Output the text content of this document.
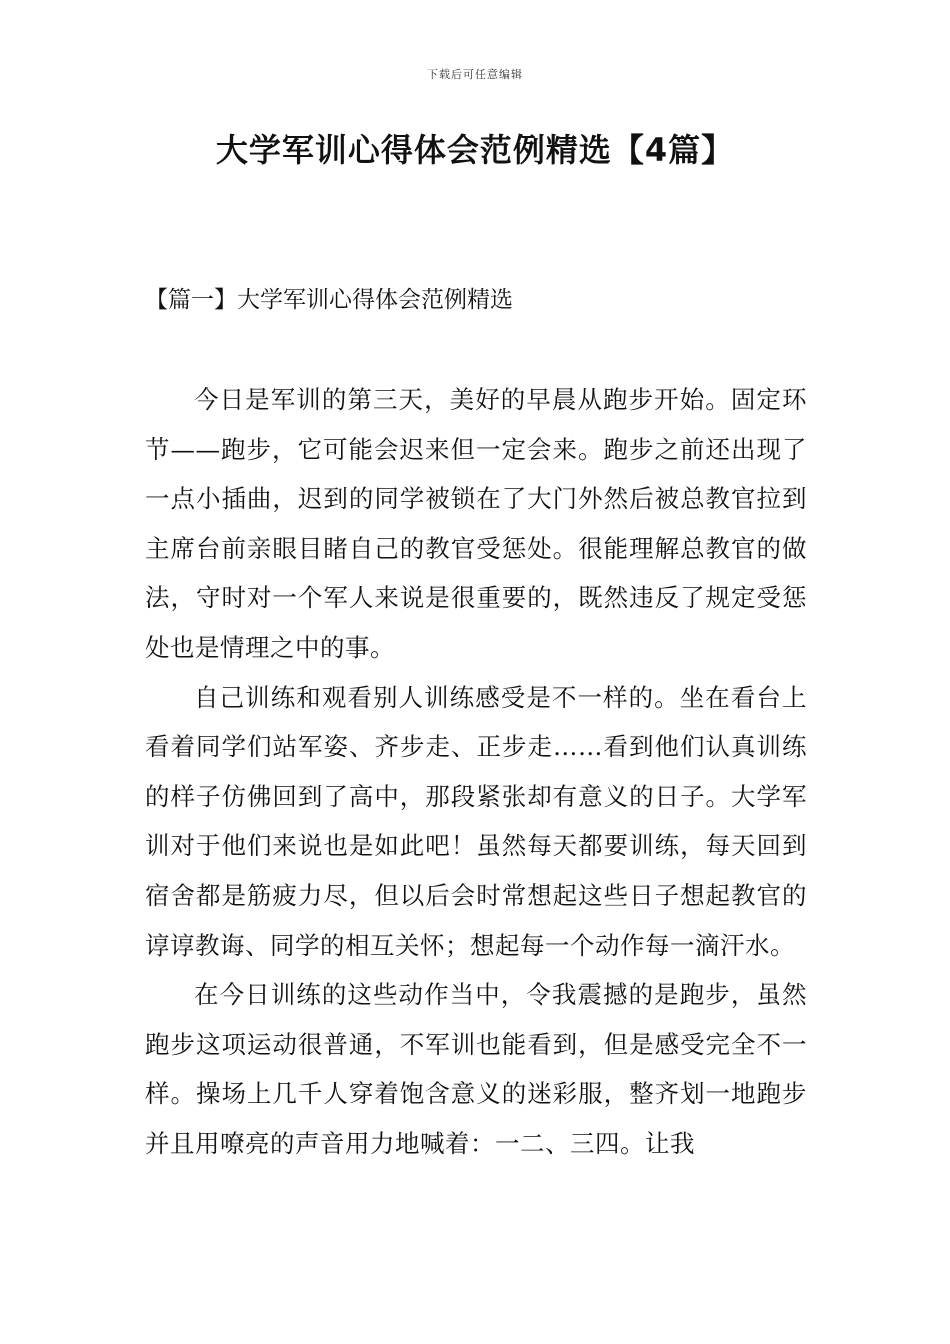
下载后可任意编辑
大学军训心得体会范例精选【4篇】
【篇一】大学军训心得体会范例精选

今日是军训的第三天，美好的早晨从跑步开始。固定环节——跑步，它可能会迟来但一定会来。跑步之前还出现了一点小插曲，迟到的同学被锁在了大门外然后被总教官拉到主席台前亲眼目睹自己的教官受惩处。很能理解总教官的做法，守时对一个军人来说是很重要的，既然违反了规定受惩处也是情理之中的事。

自己训练和观看别人训练感受是不一样的。坐在看台上看着同学们站军姿、齐步走、正步走……看到他们认真训练的样子仿佛回到了高中，那段紧张却有意义的日子。大学军训对于他们来说也是如此吧！虽然每天都要训练，每天回到宿舍都是筋疲力尽，但以后会时常想起这些日子想起教官的谆谆教诲、同学的相互关怀；想起每一个动作每一滴汗水。

在今日训练的这些动作当中，令我震撼的是跑步，虽然跑步这项运动很普通，不军训也能看到，但是感受完全不一样。操场上几千人穿着饱含意义的迷彩服，整齐划一地跑步并且用嘹亮的声音用力地喊着：一二、三四。让我
